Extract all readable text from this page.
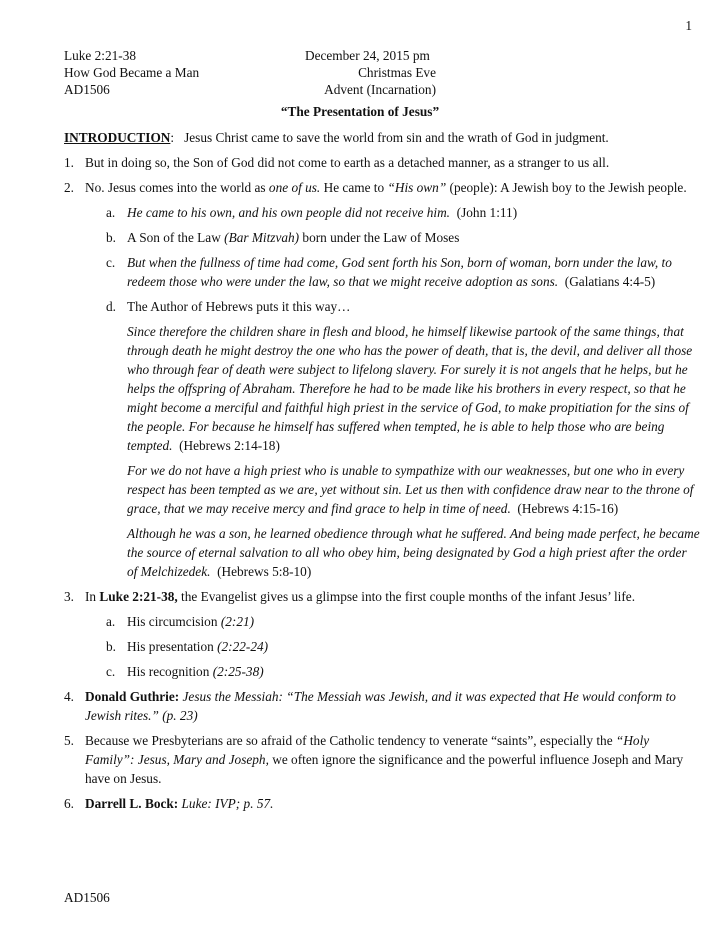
1
Luke 2:21-38
How God Became a Man
AD1506
December 24, 2015 pm
Christmas Eve
Advent (Incarnation)
“The Presentation of Jesus”
INTRODUCTION: Jesus Christ came to save the world from sin and the wrath of God in judgment.
1. But in doing so, the Son of God did not come to earth as a detached manner, as a stranger to us all.
2. No. Jesus comes into the world as one of us. He came to “His own” (people): A Jewish boy to the Jewish people.
a. He came to his own, and his own people did not receive him. (John 1:11)
b. A Son of the Law (Bar Mitzvah) born under the Law of Moses
c. But when the fullness of time had come, God sent forth his Son, born of woman, born under the law, to redeem those who were under the law, so that we might receive adoption as sons. (Galatians 4:4-5)
d. The Author of Hebrews puts it this way…
Since therefore the children share in flesh and blood, he himself likewise partook of the same things, that through death he might destroy the one who has the power of death, that is, the devil, and deliver all those who through fear of death were subject to lifelong slavery. For surely it is not angels that he helps, but he helps the offspring of Abraham. Therefore he had to be made like his brothers in every respect, so that he might become a merciful and faithful high priest in the service of God, to make propitiation for the sins of the people. For because he himself has suffered when tempted, he is able to help those who are being tempted. (Hebrews 2:14-18)
For we do not have a high priest who is unable to sympathize with our weaknesses, but one who in every respect has been tempted as we are, yet without sin. Let us then with confidence draw near to the throne of grace, that we may receive mercy and find grace to help in time of need. (Hebrews 4:15-16)
Although he was a son, he learned obedience through what he suffered. And being made perfect, he became the source of eternal salvation to all who obey him, being designated by God a high priest after the order of Melchizedek. (Hebrews 5:8-10)
3. In Luke 2:21-38, the Evangelist gives us a glimpse into the first couple months of the infant Jesus’ life.
a. His circumcision (2:21)
b. His presentation (2:22-24)
c. His recognition (2:25-38)
4. Donald Guthrie: Jesus the Messiah: “The Messiah was Jewish, and it was expected that He would conform to Jewish rites.” (p. 23)
5. Because we Presbyterians are so afraid of the Catholic tendency to venerate “saints”, especially the “Holy Family”: Jesus, Mary and Joseph, we often ignore the significance and the powerful influence Joseph and Mary have on Jesus.
6. Darrell L. Bock: Luke: IVP; p. 57.
AD1506
